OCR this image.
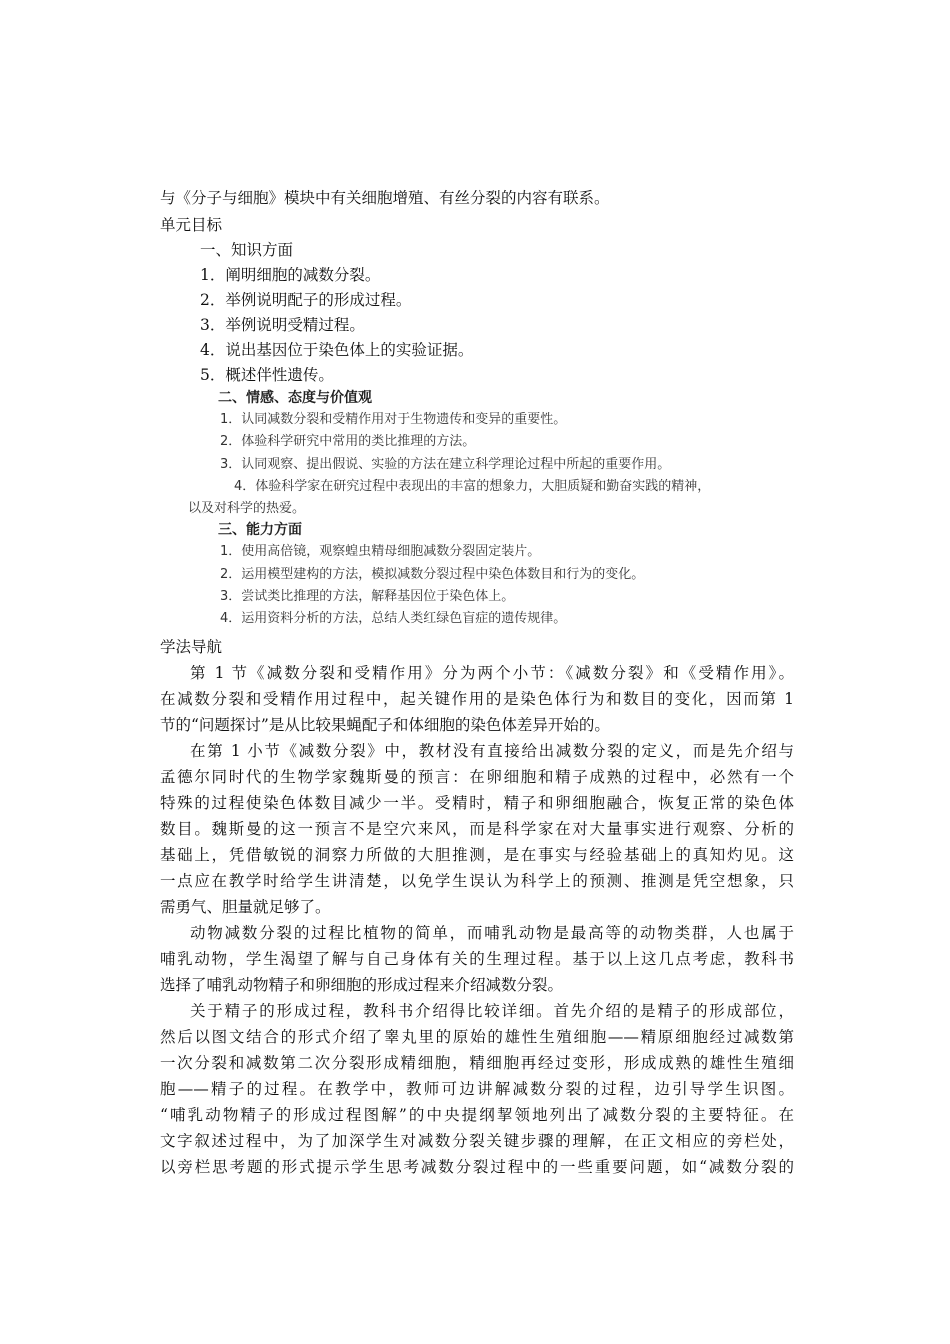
与《分子与细胞》模块中有关细胞增殖、有丝分裂的内容有联系。
单元目标
一、知识方面
1．阐明细胞的减数分裂。
2．举例说明配子的形成过程。
3．举例说明受精过程。
4．说出基因位于染色体上的实验证据。
5．概述伴性遗传。
二、情感、态度与价值观
1．认同减数分裂和受精作用对于生物遗传和变异的重要性。
2．体验科学研究中常用的类比推理的方法。
3．认同观察、提出假说、实验的方法在建立科学理论过程中所起的重要作用。
4．体验科学家在研究过程中表现出的丰富的想象力，大胆质疑和勤奋实践的精神，
以及对科学的热爱。
三、能力方面
1．使用高倍镜，观察蝗虫精母细胞减数分裂固定装片。
2．运用模型建构的方法，模拟减数分裂过程中染色体数目和行为的变化。
3．尝试类比推理的方法，解释基因位于染色体上。
4．运用资料分析的方法，总结人类红绿色盲症的遗传规律。
学法导航
第 1 节《减数分裂和受精作用》分为两个小节：《减数分裂》和《受精作用》。
在减数分裂和受精作用过程中，起关键作用的是染色体行为和数目的变化，因而第 1
节的“问题探讨”是从比较果蝇配子和体细胞的染色体差异开始的。
在第 1 小节《减数分裂》中，教材没有直接给出减数分裂的定义，而是先介绍与
孟德尔同时代的生物学家魏斯曼的预言：在卵细胞和精子成熟的过程中，必然有一个
特殊的过程使染色体数目减少一半。受精时，精子和卵细胞融合，恢复正常的染色体
数目。魏斯曼的这一预言不是空穴来风，而是科学家在对大量事实进行观察、分析的
基础上，凭借敏锐的洞察力所做的大胆推测，是在事实与经验基础上的真知灼见。这
一点应在教学时给学生讲清楚，以免学生误认为科学上的预测、推测是凭空想象，只
需勇气、胆量就足够了。
动物减数分裂的过程比植物的简单，而哺乳动物是最高等的动物类群，人也属于
哺乳动物，学生渴望了解与自己身体有关的生理过程。基于以上这几点考虑，教科书
选择了哺乳动物精子和卵细胞的形成过程来介绍减数分裂。
关于精子的形成过程，教科书介绍得比较详细。首先介绍的是精子的形成部位，
然后以图文结合的形式介绍了睾丸里的原始的雄性生殖细胞——精原细胞经过减数第
一次分裂和减数第二次分裂形成精细胞，精细胞再经过变形，形成成熟的雄性生殖细
胞——精子的过程。在教学中，教师可边讲解减数分裂的过程，边引导学生识图。
“哺乳动物精子的形成过程图解”的中央提纲挈领地列出了减数分裂的主要特征。在
文字叙述过程中，为了加深学生对减数分裂关键步骤的理解，在正文相应的旁栏处，
以旁栏思考题的形式提示学生思考减数分裂过程中的一些重要问题，如“减数分裂的
